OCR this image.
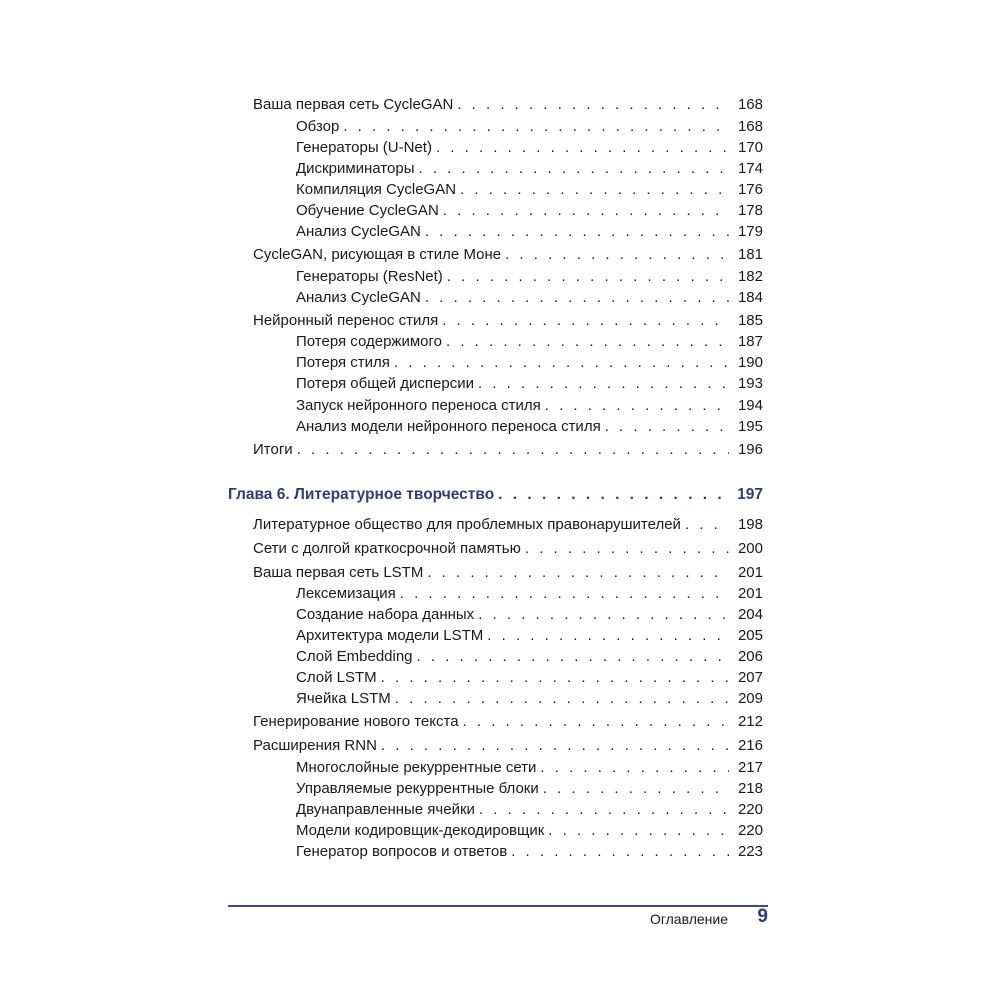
Ваша первая сеть CycleGAN . . .	168
Обзор . . .	168
Генераторы (U-Net) . . .	170
Дискриминаторы . . .	174
Компиляция CycleGAN . . .	176
Обучение CycleGAN . . .	178
Анализ CycleGAN . . .	179
CycleGAN, рисующая в стиле Моне . . .	181
Генераторы (ResNet) . . .	182
Анализ CycleGAN . . .	184
Нейронный перенос стиля . . .	185
Потеря содержимого . . .	187
Потеря стиля . . .	190
Потеря общей дисперсии . . .	193
Запуск нейронного переноса стиля . . .	194
Анализ модели нейронного переноса стиля . . .	195
Итоги . . .	196
Глава 6. Литературное творчество . . .	197
Литературное общество для проблемных правонарушителей . . .	198
Сети с долгой краткосрочной памятью . . .	200
Ваша первая сеть LSTM . . .	201
Лексемизация . . .	201
Создание набора данных . . .	204
Архитектура модели LSTM . . .	205
Слой Embedding . . .	206
Слой LSTM . . .	207
Ячейка LSTM . . .	209
Генерирование нового текста . . .	212
Расширения RNN . . .	216
Многослойные рекуррентные сети . . .	217
Управляемые рекуррентные блоки . . .	218
Двунаправленные ячейки . . .	220
Модели кодировщик-декодировщик . . .	220
Генератор вопросов и ответов . . .	223
Оглавление	9
